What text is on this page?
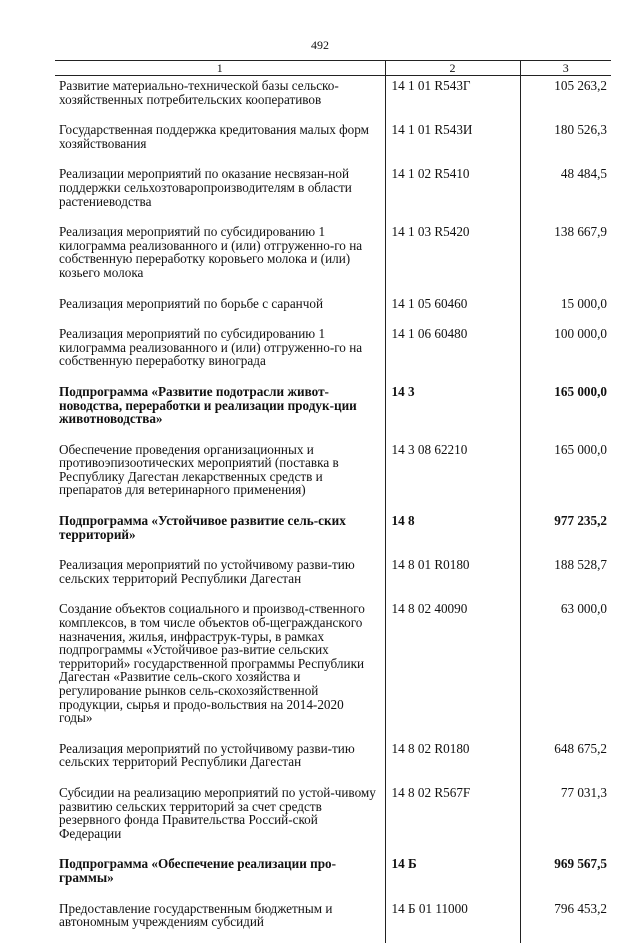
492
1	2	3
Развитие материально-технической базы сельско-хозяйственных потребительских кооперативов	14 1 01 R543Г	105 263,2
Государственная поддержка кредитования малых форм хозяйствования	14 1 01 R543И	180 526,3
Реализации мероприятий по оказание несвязан-ной поддержки сельхозтоваропроизводителям в области растениеводства	14 1 02 R5410	48 484,5
Реализация мероприятий по субсидированию 1 килограмма реализованного и (или) отгруженно-го на собственную переработку коровьего молока и (или) козьего молока	14 1 03 R5420	138 667,9
Реализация мероприятий по борьбе с саранчой	14 1 05 60460	15 000,0
Реализация мероприятий по субсидированию 1 килограмма реализованного и (или) отгруженно-го на собственную переработку винограда	14 1 06 60480	100 000,0
Подпрограмма «Развитие подотрасли живот-новодства, переработки и реализации продук-ции животноводства»	14 3	165 000,0
Обеспечение проведения организационных и противоэпизоотических мероприятий (поставка в Республику Дагестан лекарственных средств и препаратов для ветеринарного применения)	14 3 08 62210	165 000,0
Подпрограмма «Устойчивое развитие сель-ских территорий»	14 8	977 235,2
Реализация мероприятий по устойчивому разви-тию сельских территорий Республики Дагестан	14 8 01 R0180	188 528,7
Создание объектов социального и производ-ственного комплексов, в том числе объектов об-щегражданского назначения, жилья, инфраструк-туры, в рамках подпрограммы «Устойчивое раз-витие сельских территорий» государственной программы Республики Дагестан «Развитие сель-ского хозяйства и регулирование рынков сель-скохозяйственной продукции, сырья и продо-вольствия на 2014-2020 годы»	14 8 02 40090	63 000,0
Реализация мероприятий по устойчивому разви-тию сельских территорий Республики Дагестан	14 8 02 R0180	648 675,2
Субсидии на реализацию мероприятий по устой-чивому развитию сельских территорий за счет средств резервного фонда Правительства Россий-ской Федерации	14 8 02 R567F	77 031,3
Подпрограмма «Обеспечение реализации про-граммы»	14 Б	969 567,5
Предоставление государственным бюджетным и автономным учреждениям субсидий	14 Б 01 11000	796 453,2
